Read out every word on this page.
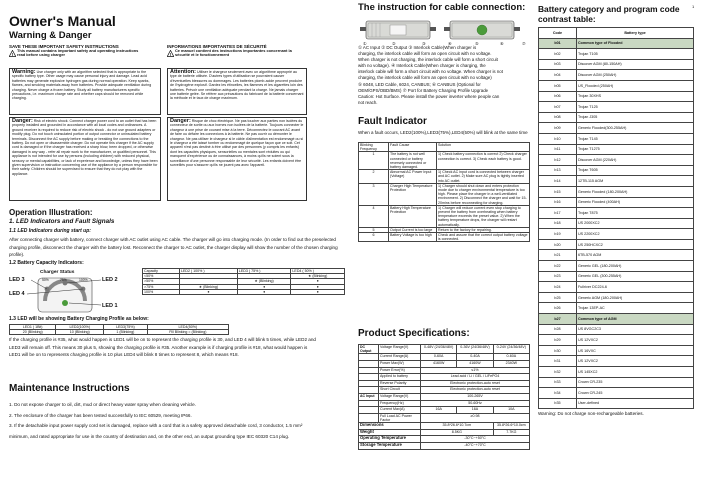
1
Owner's Manual
Warning & Danger
SAVE THESE IMPORTANT SAFETY INSTRUCTIONS
!
This manual contains important safety and operating instructions read before using charger
INFORMATIONS IMPORTANTES DE SÉCURITÉ
!
Ce manuel contient des instructions importantes concernant la sécurité et le fonctionnement
Warning: Use charger only with an algorithm selected that is appropriate to the specific battery type. Other usage may cause personal injury and damage. Lead acid batteries may generate explosive hydrogen gas during normal operation. Keep sparks, flames, and smoking materials away from batteries. Provide adequate ventilation during charging. Never charge a frozen battery. Study all battery manufacturers specific precautions, i.e. maximum charge rate and whether caps should be removed while charging.
Danger: Risk of electric shock. Connect charger power cord to an outlet that has been properly installed and grounded in accordance with all local codes and ordinances. A ground receiver is required to reduce risk of electric shock - do not use ground adapters or modify plug. Do not touch uninsulated portion of output connector or uninsulated battery terminals. Disconnect the AC supply before making or breaking the connections to the battery. Do not open or disassemble charger. Do not operate this charger if the AC supply cord is damaged or if the charger has received a sharp blow, been dropped, or otherwise damaged in any way - refer all repair work to the manufacturer, or qualified personnel. This appliance is not intended for use by persons (including children) with reduced physical, sensory or mental capabilities, or lack of experience and knowledge, unless they have been given supervision or instruction concerning use of the appliance by a person responsible for their safety. Children should be supervised to ensure that they do not play with the appliance.
Attention: Utiliser le chargeur seulement avec un algorithme approprié au type de batterie utilisée. D'autres types d'utilisation se pourraient causer d'éventuelles blessures ou dommages. Les batteries plomb-acide peuvent produire de l'hydrogène explosif. Gardez les étincelles, les flammes et les cigarettes loin des batteries. Prévoir une ventilation adéquate pendant la charge. Ne jamais charger une batterie gelée. Se référer aux précautions du fabricant de la batterie concernant la méthode et le taux de charge maximum.
Danger: Risque de choc électrique. Ne pas toucher aux parties non isolées du connecteur de sortie ou aux bornes non isolées de la batterie. Toujours connecter le chargeur à une prise de courant mise à la terre. Déconnectez le courant AC avant de faire ou défaire les connexions à la batterie. Ne pas ouvrir ou démonter le chargeur. Ne pas utiliser le chargeur si le câble d'alimentation est endommagé ou si le chargeur a été laissé tomber ou endommagé de quelque façon que ce soit. Cet appareil n'est pas destiné à être utilisé par des personnes (y compris les enfants) dont les capacités physiques, sensorielles ou mentales sont réduites ou qui manquent d'expérience ou de connaissances, à moins qu'ils ne soient sous la surveillance d'une personne responsable de leur sécurité. Les enfants doivent être surveillés pour s'assurer qu'ils ne jouent pas avec l'appareil.
Operation Illustration:
1. LED Indicators and Fault Signals
1.1 LED Indicators during start up:
After connecting charger with battery, connect charger with AC outlet using AC cable. The charger will go into charging mode. (In order to find out the preselected charging profile, disconnect the charger with the battery lost. Reconnect the charger to AC outlet, the charger display will show the number of the chosen charging profile).
1.2 Battery Capacity Indicators:
Charger Status
50%	75%	100%
LED 3	LED 2
LED 4
LED 1
Capacity	LED2 ( 100% )	LED3 ( 75% )	LED4 ( 50% )
<50%			★ (Blinking)
>50%		★ (Blinking)	●
>75%	★ (Blinking)	●	●
100%	●	●	●
1.3 LED will be showing Battery Charging Profile as below:
LED1 ( 1Bit)	LED2(100%)	LED3(75%)	LED4(50%)
20 (Blinking)	10 (Blinking)	1 (Blinking)	Fill Blinking = (Blinking)
If the charging profile is #35, what would happen is LED1 will be on to represent the charging profile is 30, and LED 4 will blink 5 times, while LED2 and
LED3 will remain off. This means 30 plus 5, showing the charging profile is #35. Another example is if charging profile is #18, what would happen is
LED1 will be on to represents charging profile is 10 plus LED4 will blink 8 times to represent 8, which means #18.
Maintenance Instructions
1. Do not expose charger to oil, dirt, mud or direct heavy water spray when cleaning vehicle.
2. The enclosure of the charger has been tested successfully to IEC 60529, meeting IP66.
3. If the detachable input power supply cord set is damaged, replace with a cord that is a safety approved detachable cord, 3 conductor, 1.5 mm²
minimum, and rated appropriate for use in the country of destination and, on the other end, an output grounding type IEC 60320 C14 plug.
The instruction for cable connection:
①	②	③	④	⑤	⑥	⑦
① AC Input ② DC Output ③ Interlock Cable(When charger is
charging, the interlock cable will form an open circuit with no voltage.
When charger is not charging, the interlock cable will form a short circuit
with no voltage). ④ Interlock Cable(When charger is charging, the
interlock cable will form a short circuit with no voltage. When charger is not
charging, the interlock cable will form an open circuit with no voltage)
⑤ 6048, LED Cable, 6024, CANBUS; ⑥ CANBUS (Optional for
OEM/GPS/OBD/BMS) ⑦ Port for Battery Charging Profile Upgrade
Caution: Hot Surface. Please install the power inverter where people can
not reach.
Fault Indicator
When a fault occurs, LED2(100%),LED3(75%),LED4(50%) will blink at the same time
Blinking Frequency	Fault Cause	Solution
1	The battery is not well connected or battery reversely connected or battery damaged.	1) Check battery connection is correct 2) Check charger connection is correct. 3) Check each battery is good.
2	Abnormal AC Power Input (Voltage)	1) Check AC input cord is connected between charger and AC outlet. 2) Make sure AC plug is tightly inserted into AC outlet.
3	Charger High Temperature Protection	1) Charger should shut down and enters protection mode due to charger environmental temperature is too high. Please place the charger in a well-ventilated environment. 2) Disconnect the charger and wait for 15-20mins before reconnecting for charging.
4	Battery High Temperature Protection	1) Charger will reduce current even stop charging to prevent the battery from overheating when battery temperature exceeds the preset value. 2) When the battery temperature drops, the charger will restart automatically.
5	Output Current is too large	Return to the factory for repairing.
6	Battery Voltage is too high	Check and assure that the correct output battery voltage is connected.
Product Specifications:
DC Output	Voltage Range(V)	0-48V (24/36/48V)	0-36V (24/36/48V)	0-24V (24/36/48V)
	Current Range(A)	0-60A	0-40A	0-60A
	Power Max(W)	4160W	4160W	2340W
	Power Error(%)	≤1%		
	Applied to battery	Lead acid / Li / GEL / LiFePO4		
	Reverse Polarity	Electronic protection-auto reset		
	Short Circuit	Electronic protection-auto reset		
AC Input	Voltage Range(V)	100-265V		
	Frequency(Hz)	50-60Hz		
	Current Max(A)	16A	16A	10A
	Full Load AC Power Factor	≥0.98		
Dimensions		35.8*26.6*10.7cm		35.8*26.6*10.0cm
Weight		8.5KG		7.7KG
Operating Temperature		-30°C~+50°C		
Storage Temperature		-40°C~+70°C		
Battery category and program code contrast table:
Code	Battery type
b01	Common type of Flooded
b02	Trojan T105
b03	Discover AGM (80-150AH)
b04	Discover AGM (250AH)
b05	US_Flooded (250AH)
b06	Trojan 30XHS
b07	Trojan T125
b08	Trojan J305
b09	Generic Flooded(300-255AH)
b10	Trojan T145
b11	Trojan T1275
b12	Discover AGM (220AH)
b13	Trojan T605
b14	12TB-115 AGM
b15	Generic Flooded (180-200AH)
b16	Generic Flooded (400AH)
b17	Trojan T875
b18	US 2000XC2
b19	US 2200XC2
b20	US 250HCXC2
b21	6TB-570 AGM
b22	Generic GEL (180-200AH)
b23	Generic GEL (300-255AH)
b24	Fullriver DC224-6
b25	Generic AGM (180-200AH)
b26	Trojan 13EP-AC
b27	Common type of AGM
b28	US 8VGC2C3
b29	US 12VXC2
b30	US 16VXC
b31	US 12VXC2
b32	US 145XC2
b33	Crown CR-235
b34	Crown CR-245
b35	User-defined
Warning: Do not charge non-rechargeable batteries.
